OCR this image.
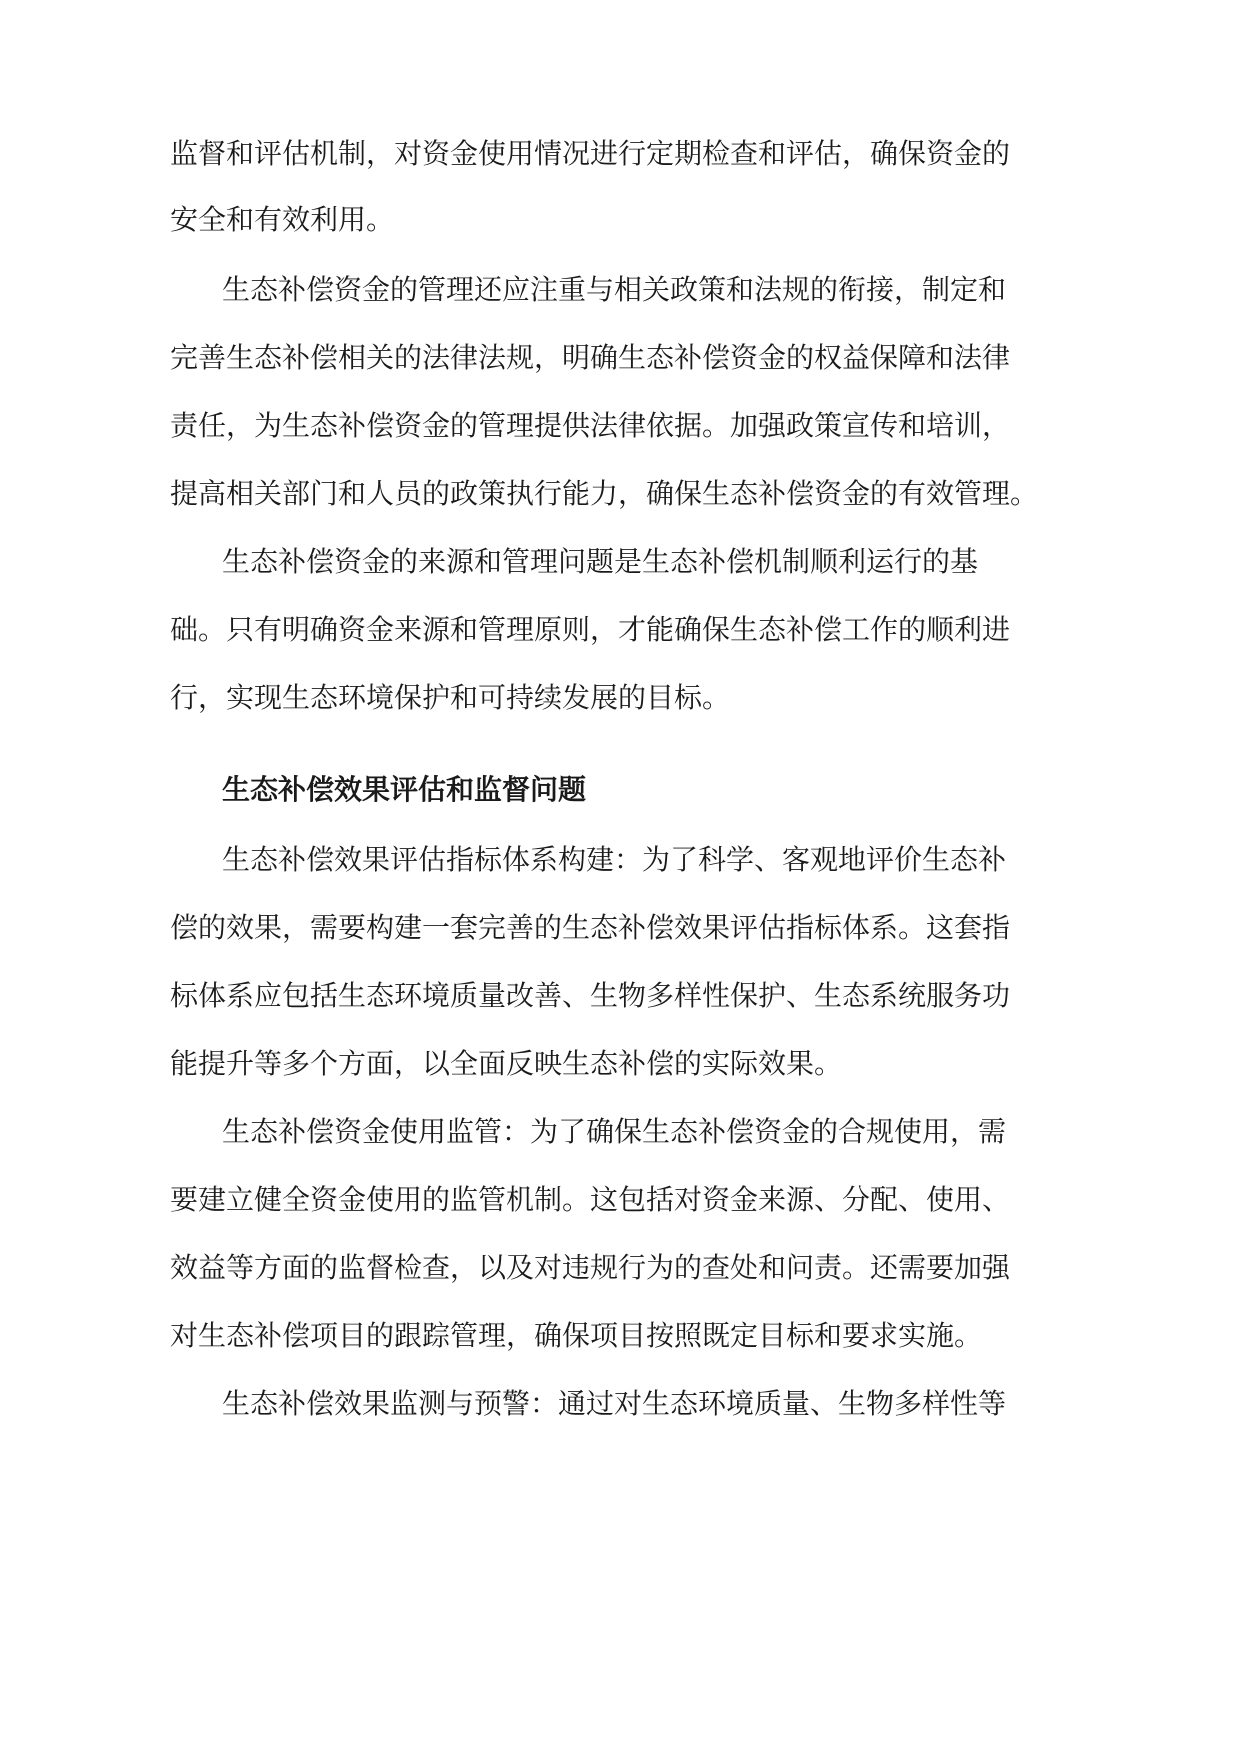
监督和评估机制，对资金使用情况进行定期检查和评估，确保资金的
安全和有效利用。
生态补偿资金的管理还应注重与相关政策和法规的衔接，制定和
完善生态补偿相关的法律法规，明确生态补偿资金的权益保障和法律
责任，为生态补偿资金的管理提供法律依据。加强政策宣传和培训，
提高相关部门和人员的政策执行能力，确保生态补偿资金的有效管理。
生态补偿资金的来源和管理问题是生态补偿机制顺利运行的基
础。只有明确资金来源和管理原则，才能确保生态补偿工作的顺利进
行，实现生态环境保护和可持续发展的目标。
生态补偿效果评估和监督问题
生态补偿效果评估指标体系构建：为了科学、客观地评价生态补
偿的效果，需要构建一套完善的生态补偿效果评估指标体系。这套指
标体系应包括生态环境质量改善、生物多样性保护、生态系统服务功
能提升等多个方面，以全面反映生态补偿的实际效果。
生态补偿资金使用监管：为了确保生态补偿资金的合规使用，需
要建立健全资金使用的监管机制。这包括对资金来源、分配、使用、
效益等方面的监督检查，以及对违规行为的查处和问责。还需要加强
对生态补偿项目的跟踪管理，确保项目按照既定目标和要求实施。
生态补偿效果监测与预警：通过对生态环境质量、生物多样性等
